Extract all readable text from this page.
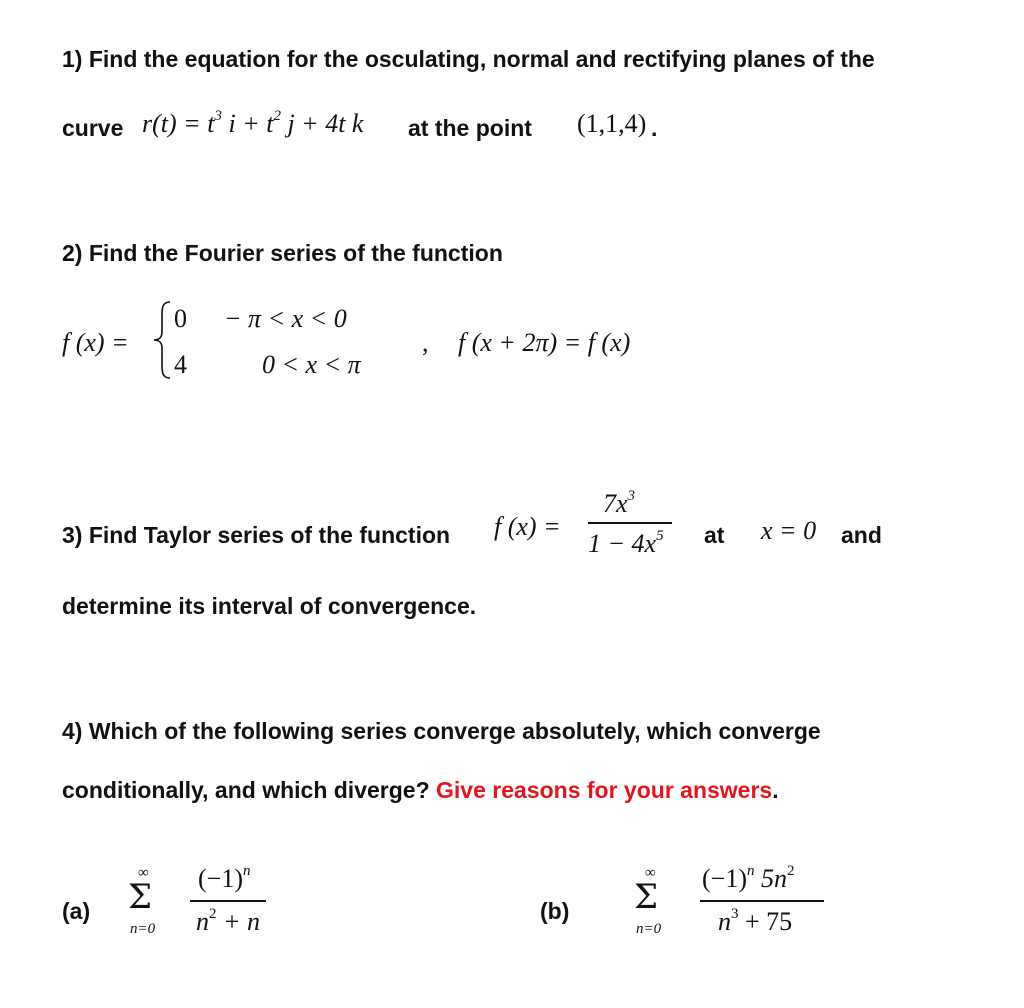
1) Find the equation for the osculating, normal and rectifying planes of the
curve $r(t) = t^3$ $i + t^2$ j + 4t k at the point (1,1,4) .
2) Find the Fourier series of the function
f (x) =
0 − π < x < 0
4	0 < x < π
, f (x + 2π) = f (x)
3) Find Taylor series of the function f (x) =
$7x^3$
$1 - 4x^5$ at x = 0 and
determine its interval of convergence.
4) Which of the following series converge absolutely, which converge
conditionally, and which diverge? Give reasons for your answers.
(a)
∞
Σ
n=0
$(-1)^n$
$n^2 + n$	(b)
∞
Σ
n=0
$(-1)^n$ $5n^2$
$n^3 + 75$
